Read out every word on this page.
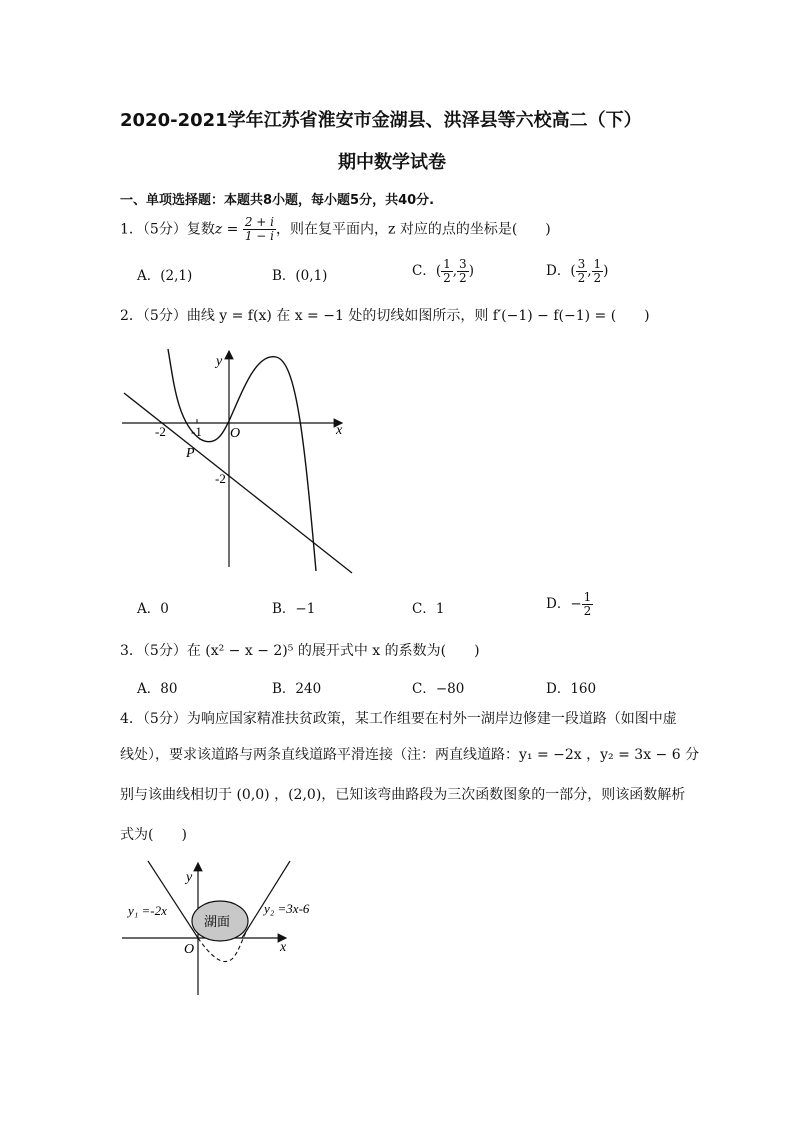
2020-2021学年江苏省淮安市金湖县、洪泽县等六校高二（下）
期中数学试卷
一、单项选择题：本题共8小题，每小题5分，共40分.
1．（5分）复数$z = \frac{2 + i}{1 - i}$ ，则在复平面内，z 对应的点的坐标是(　　)
A．(2,1)	B．(0,1)	C．( $\frac{1}{2}$ , $\frac{3}{2}$ )	D．( $\frac{3}{2}$ , $\frac{1}{2}$ )
2．（5分）曲线 y = f(x) 在 x = −1 处的切线如图所示，则 f′(−1) − f(−1) = (　　)
y
x
O
-2 -1
-2
P
A．0	B．−1	C．1	D．− $\frac{1}{2}$
3．（5分）在 (x² − x − 2)⁵ 的展开式中 x 的系数为(　　)
A．80	B．240	C．−80	D．160
4．（5分）为响应国家精准扶贫政策，某工作组要在村外一湖岸边修建一段道路（如图中虚
线处），要求该道路与两条直线道路平滑连接（注：两直线道路：y₁ = −2x ，y₂ = 3x − 6 分
别与该曲线相切于 (0,0) ，(2,0)，已知该弯曲路段为三次函数图象的一部分，则该函数解析
式为(　　)
y
x
O
湖面
y₁ =-2x	y₂ =3x-6
